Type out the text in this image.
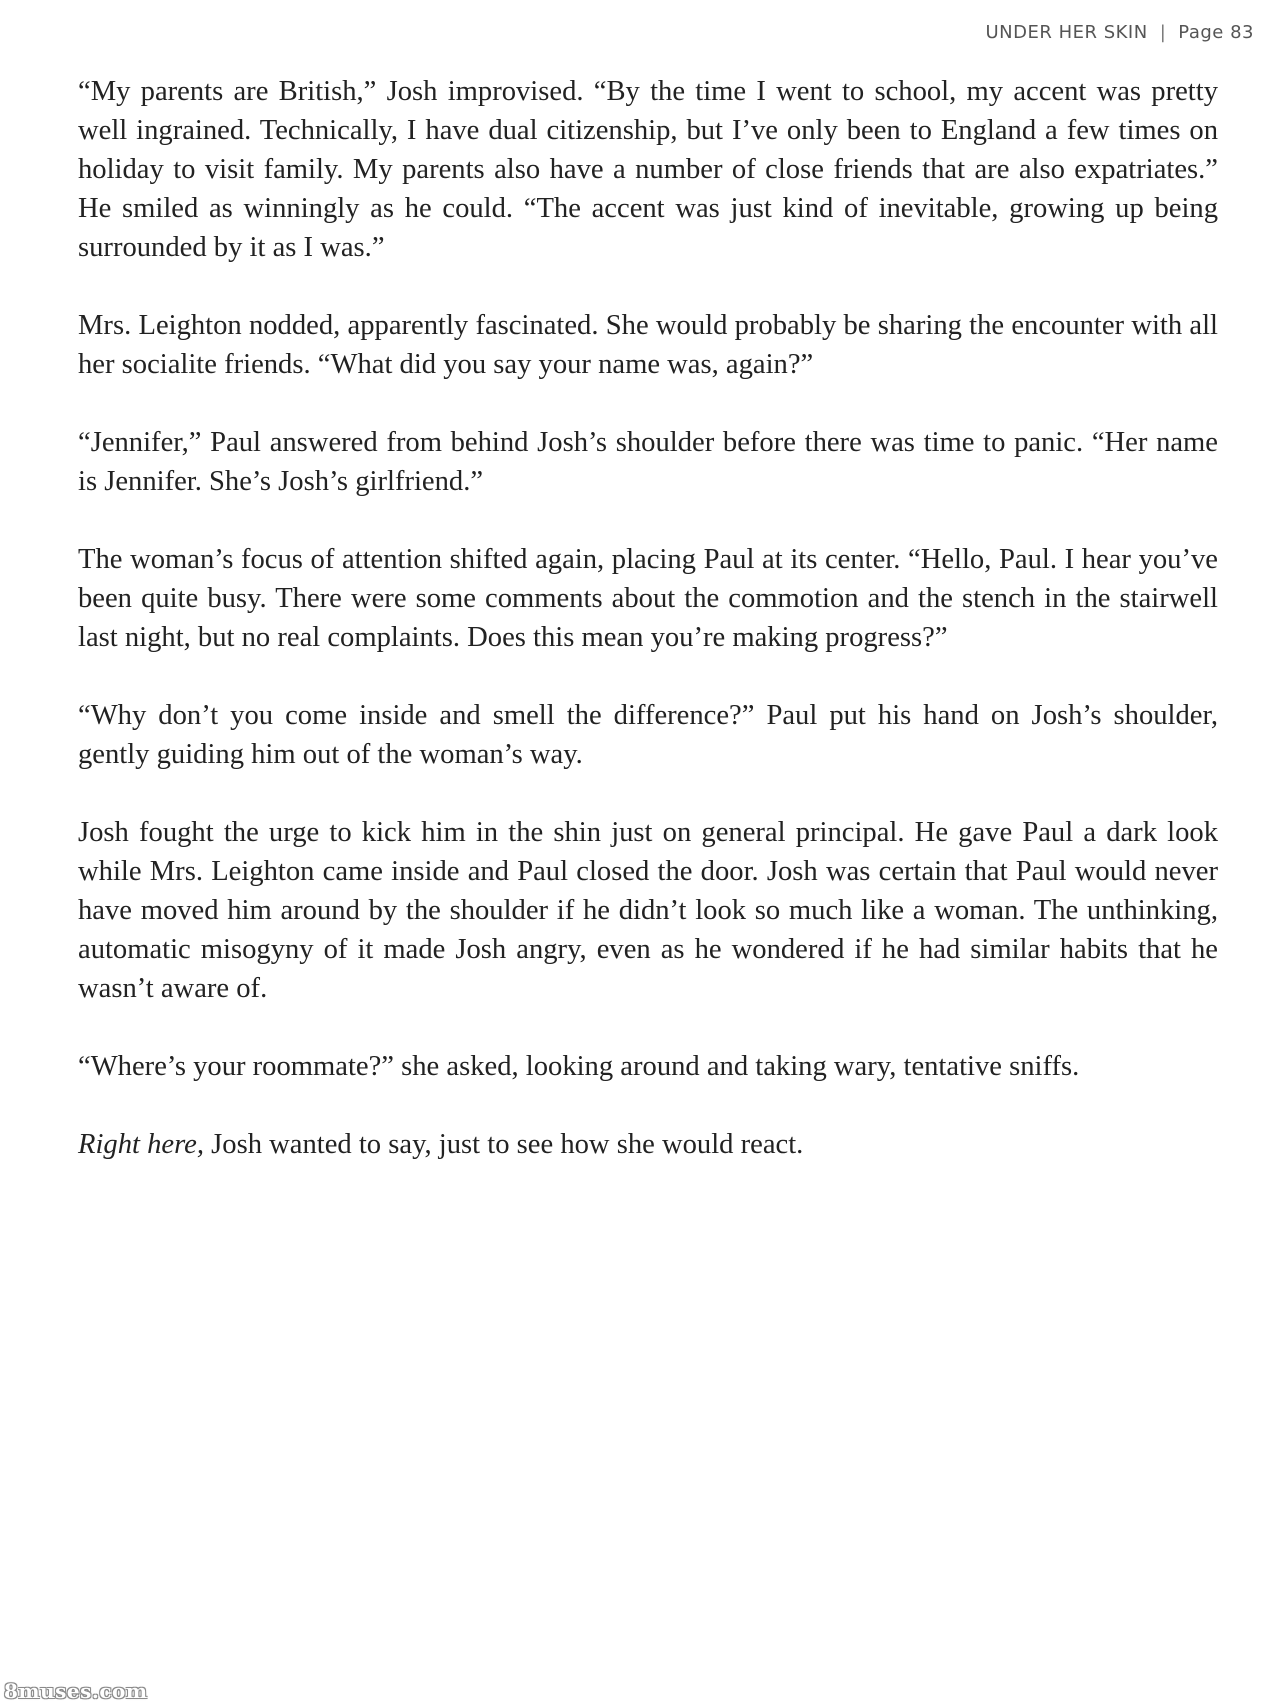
UNDER HER SKIN | Page 83

“My parents are British,” Josh improvised. “By the time I went to school, my accent was pretty well ingrained. Technically, I have dual citizenship, but I’ve only been to England a few times on holiday to visit family. My parents also have a number of close friends that are also expatriates.” He smiled as winningly as he could. “The accent was just kind of inevitable, growing up being surrounded by it as I was.”

Mrs. Leighton nodded, apparently fascinated. She would probably be sharing the encounter with all her socialite friends. “What did you say your name was, again?”

“Jennifer,” Paul answered from behind Josh’s shoulder before there was time to panic. “Her name is Jennifer. She’s Josh’s girlfriend.”

The woman’s focus of attention shifted again, placing Paul at its center. “Hello, Paul. I hear you’ve been quite busy. There were some comments about the commotion and the stench in the stairwell last night, but no real complaints. Does this mean you’re making progress?”

“Why don’t you come inside and smell the difference?” Paul put his hand on Josh’s shoulder, gently guiding him out of the woman’s way.

Josh fought the urge to kick him in the shin just on general principal. He gave Paul a dark look while Mrs. Leighton came inside and Paul closed the door. Josh was certain that Paul would never have moved him around by the shoulder if he didn’t look so much like a woman. The unthinking, automatic misogyny of it made Josh angry, even as he wondered if he had similar habits that he wasn’t aware of.

“Where’s your roommate?” she asked, looking around and taking wary, tentative sniffs.

Right here, Josh wanted to say, just to see how she would react.

8muses.com
